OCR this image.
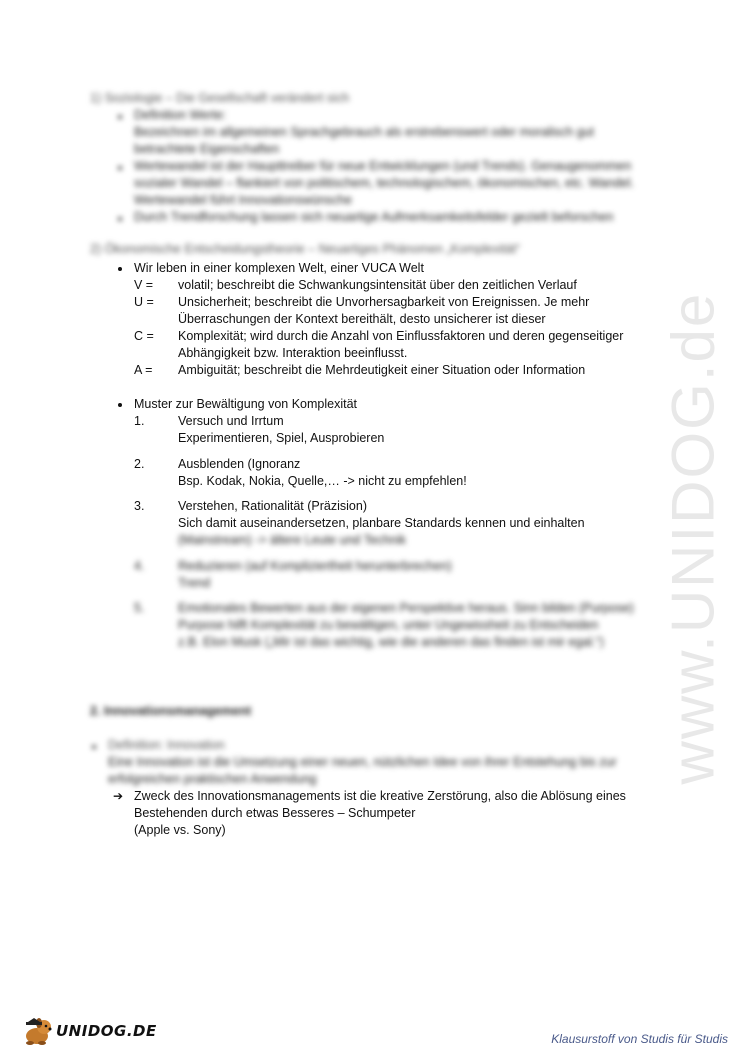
www.UNIDOG.de
1) Soziologie – Die Gesellschaft verändert sich
Definition Werte:
Bezeichnen im allgemeinen Sprachgebrauch als erstrebenswert oder moralisch gut
betrachtete Eigenschaften
Wertewandel ist der Haupttreiber für neue Entwicklungen (und Trends). Genaugenommen
sozialer Wandel – flankiert von politischem, technologischem, ökonomischen, etc. Wandel.
Wertewandel führt Innovationswünsche
Durch Trendforschung lassen sich neuartige Aufmerksamkeitsfelder gezielt beforschen
2) Ökonomische Entscheidungstheorie – Neuartiges Phänomen „Komplexität“
Wir leben in einer komplexen Welt, einer VUCA Welt
V = volatil; beschreibt die Schwankungsintensität über den zeitlichen Verlauf
U = Unsicherheit; beschreibt die Unvorhersagbarkeit von Ereignissen. Je mehr
Überraschungen der Kontext bereithält, desto unsicherer ist dieser
C = Komplexität; wird durch die Anzahl von Einflussfaktoren und deren gegenseitiger
Abhängigkeit bzw. Interaktion beeinflusst.
A = Ambiguität; beschreibt die Mehrdeutigkeit einer Situation oder Information
Muster zur Bewältigung von Komplexität
1.	Versuch und Irrtum
Experimentieren, Spiel, Ausprobieren
2.	Ausblenden (Ignoranz
Bsp. Kodak, Nokia, Quelle,… -> nicht zu empfehlen!
3.	Verstehen, Rationalität (Präzision)
Sich damit auseinandersetzen, planbare Standards kennen und einhalten
(Mainstream) -> ältere Leute und Technik
4.	Reduzieren (auf Kompliziertheit herunterbrechen)
Trend
5.	Emotionales Bewerten aus der eigenen Perspektive heraus. Sinn bilden (Purpose)
Purpose hilft Komplexität zu bewältigen, unter Ungewissheit zu Entscheiden
z.B. Elon Musk („Mir ist das wichtig, wie die anderen das finden ist mir egal.“)
2. Innovationsmanagement
Definition: Innovation
Eine Innovation ist die Umsetzung einer neuen, nützlichen Idee von ihrer Entstehung bis zur
erfolgreichen praktischen Anwendung
➔ Zweck des Innovationsmanagements ist die kreative Zerstörung, also die Ablösung eines
Bestehenden durch etwas Besseres – Schumpeter
(Apple vs. Sony)
UNIDOG.DE	Klausurstoff von Studis für Studis
